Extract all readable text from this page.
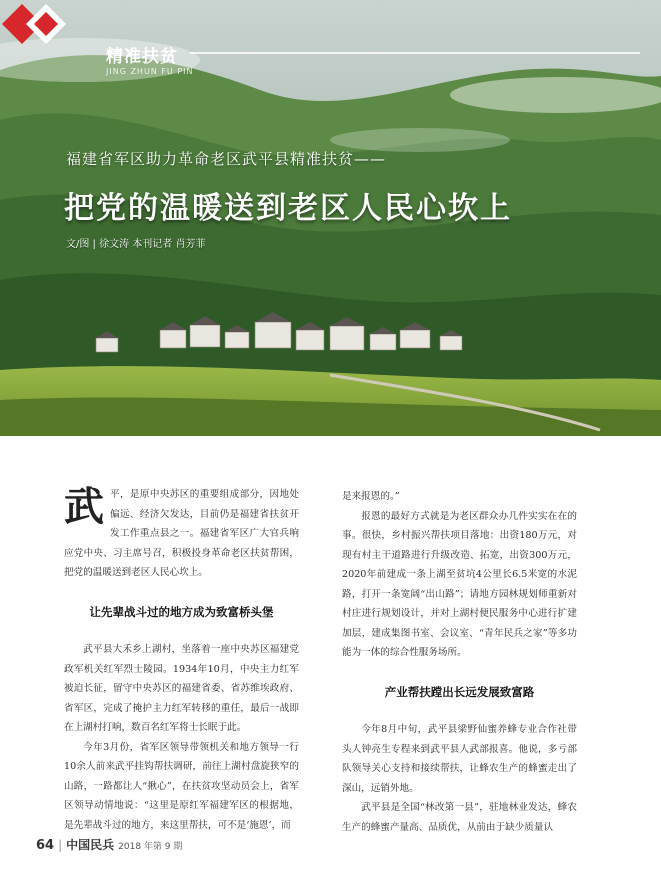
精准扶贫
JING ZHUN FU PIN
福建省军区助力革命老区武平县精准扶贫——
把党的温暖送到老区人民心坎上
文/图 | 徐文涛 本刊记者 肖芳菲

武平，是原中央苏区的重要组成部分，因地处偏远、经济欠发达，目前仍是福建省扶贫开发工作重点县之一。福建省军区广大官兵响应党中央、习主席号召，积极投身革命老区扶贫帮困，把党的温暖送到老区人民心坎上。

让先辈战斗过的地方成为致富桥头堡

武平县大禾乡上湖村，坐落着一座中央苏区福建党政军机关红军烈士陵园。1934年10月，中央主力红军被迫长征，留守中央苏区的福建省委、省苏维埃政府、省军区，完成了掩护主力红军转移的重任，最后一战即在上湖村打响，数百名红军将士长眠于此。

今年3月份，省军区领导带领机关和地方领导一行10余人前来武平挂钩帮扶调研，前往上湖村盘旋狭窄的山路，一路都让人“揪心”，在扶贫攻坚动员会上，省军区领导动情地说：“这里是原红军福建军区的根据地，是先辈战斗过的地方，来这里帮扶，可不是‘施恩’，而

是来报恩的。”

报恩的最好方式就是为老区群众办几件实实在在的事。很快，乡村振兴帮扶项目落地：出资180万元，对现有村主干道路进行升级改造、拓宽，出资300万元，2020年前建成一条上湖至贫坑4公里长6.5米宽的水泥路，打开一条宽阔“出山路”；请地方园林规划师重新对村庄进行规划设计，并对上湖村便民服务中心进行扩建加层，建成集图书室、会议室、“青年民兵之家”等多功能为一体的综合性服务场所。

产业帮扶蹚出长远发展致富路

今年8月中旬，武平县梁野仙蜜养蜂专业合作社带头人钟亮生专程来到武平县人武部报喜。他说，多亏部队领导关心支持和接续帮扶，让蜂农生产的蜂蜜走出了深山，远销外地。

武平县是全国“林改第一县”，驻地林业发达，蜂农生产的蜂蜜产量高、品质优，从前由于缺少质量认

64 | 中国民兵 2018 年第 9 期
